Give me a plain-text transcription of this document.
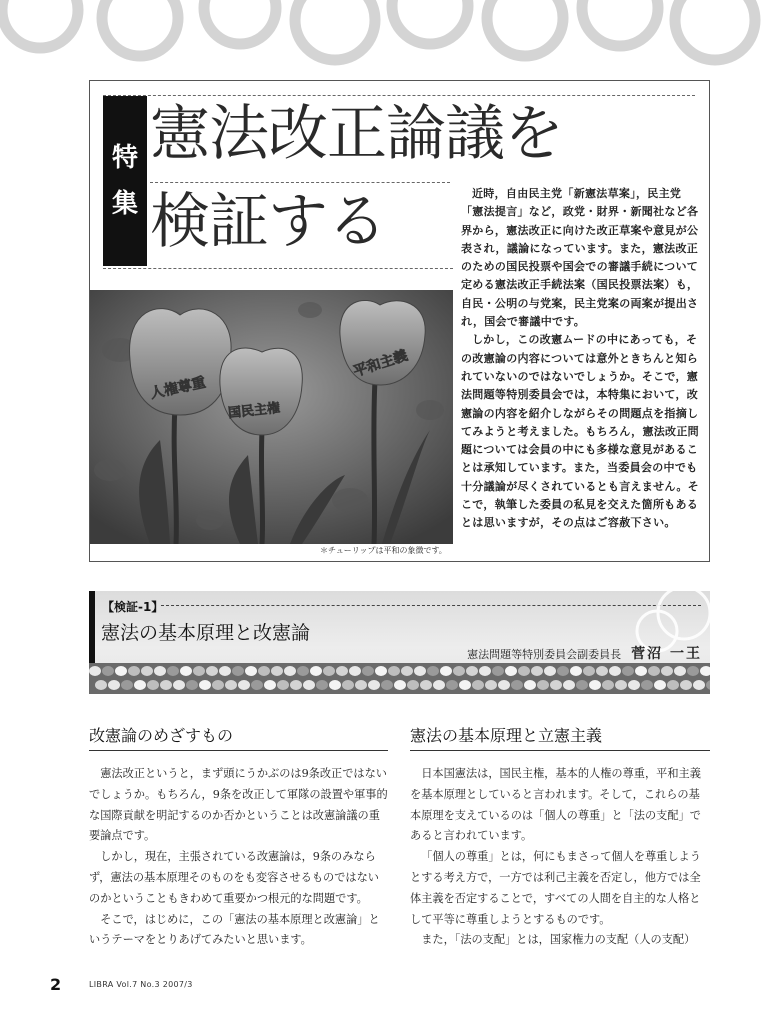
特
集
憲法改正論議を
検証する	近時，自由民主党「新憲法草案」，民主党「憲法提言」など，政党・財界・新聞社など各界から，憲法改正に向けた改正草案や意見が公表され，議論になっています。また，憲法改正のための国民投票や国会での審議手続について定める憲法改正手続法案（国民投票法案）も，自民・公明の与党案，民主党案の両案が提出され，国会で審議中です。

しかし，この改憲ムードの中にあっても，その改憲論の内容については意外ときちんと知られていないのではないでしょうか。そこで，憲法問題等特別委員会では，本特集において，改憲論の内容を紹介しながらその問題点を指摘してみようと考えました。もちろん，憲法改正問題については会員の中にも多様な意見があることは承知しています。また，当委員会の中でも十分議論が尽くされているとも言えません。そこで，執筆した委員の私見を交えた箇所もあるとは思いますが，その点はご容赦下さい。

人権尊重
国民主権
平和主義
＊チューリップは平和の象徴です。
【検証-1】
憲法の基本原理と改憲論
憲法問題等特別委員会副委員長 菅沼 一王
改憲論のめざすもの

憲法改正というと，まず頭にうかぶのは9条改正ではないでしょうか。もちろん，9条を改正して軍隊の設置や軍事的な国際貢献を明記するのか否かということは改憲論議の重要論点です。

しかし，現在，主張されている改憲論は，9条のみならず，憲法の基本原理そのものをも変容させるものではないのかということもきわめて重要かつ根元的な問題です。

そこで，はじめに，この「憲法の基本原理と改憲論」というテーマをとりあげてみたいと思います。

憲法の基本原理と立憲主義

日本国憲法は，国民主権，基本的人権の尊重，平和主義を基本原理としていると言われます。そして，これらの基本原理を支えているのは「個人の尊重」と「法の支配」であると言われています。

「個人の尊重」とは，何にもまさって個人を尊重しようとする考え方で，一方では利己主義を否定し，他方では全体主義を否定することで，すべての人間を自主的な人格として平等に尊重しようとするものです。

また，「法の支配」とは，国家権力の支配（人の支配）

2	LIBRA Vol.7 No.3 2007/3
